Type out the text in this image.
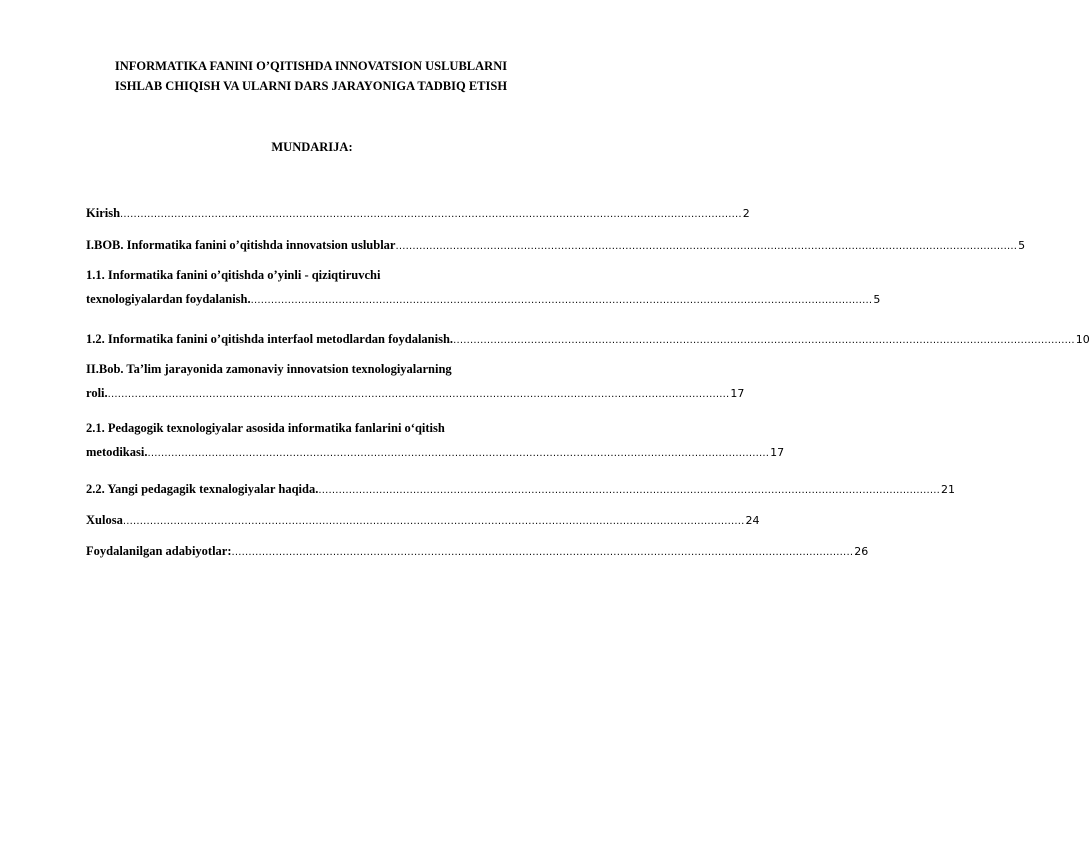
INFORMATIKA FANINI O’QITISHDA INNOVATSION USLUBLARNI
ISHLAB CHIQISH VA ULARNI DARS JARAYONIGA TADBIQ ETISH
MUNDARIJA:
Kirish ........................................................................................................................................................................................ 2
I.BOB. Informatika fanini o’qitishda innovatsion uslublar ........................................................................................................................................................................................ 5
1.1. Informatika fanini o’qitishda o’yinli - qiziqtiruvchi
texnologiyalardan foydalanish. ........................................................................................................................................................................................ 5
1.2. Informatika fanini o’qitishda interfaol metodlardan foydalanish. ........................................................................................................................................................................................ 10
II.Bob. Ta’lim jarayonida zamonaviy innovatsion texnologiyalarning
roli. ........................................................................................................................................................................................ 17
2.1. Pedagogik texnologiyalar asosida informatika fanlarini o‘qitish
metodikasi. ........................................................................................................................................................................................ 17
2.2. Yangi pedagagik texnalogiyalar haqida. ........................................................................................................................................................................................ 21
Xulosa ........................................................................................................................................................................................ 24
Foydalanilgan adabiyotlar: ........................................................................................................................................................................................ 26
